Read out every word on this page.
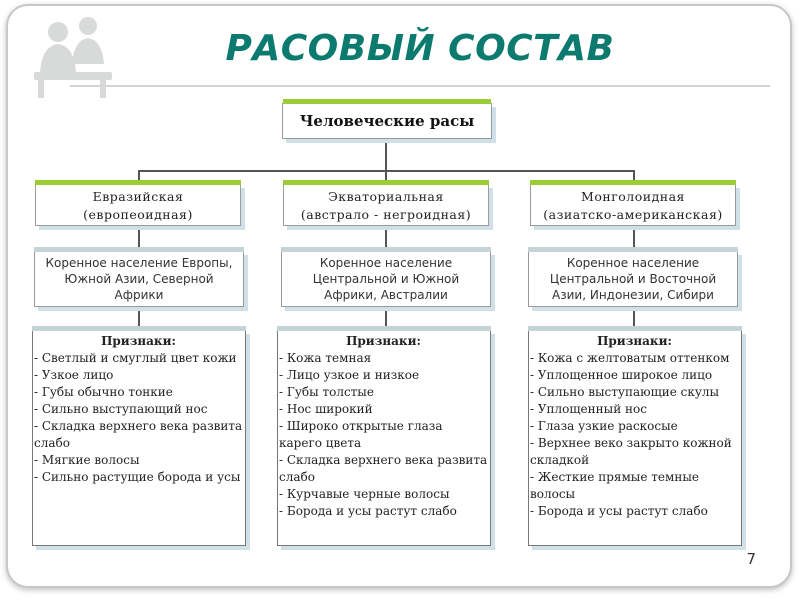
РАСОВЫЙ СОСТАВ
Человеческие расы
Евразийская
(европеоидная)
Экваториальная
(австрало - негроидная)
Монголоидная
(азиатско-американская)
Коренное население Европы, Южной Азии, Северной Африки
Коренное население Центральной и Южной Африки, Австралии
Коренное население Центральной и Восточной Азии, Индонезии, Сибири
Признаки:
- Светлый и смуглый цвет кожи
- Узкое лицо
- Губы обычно тонкие
- Сильно выступающий нос
- Складка верхнего века развита слабо
- Мягкие волосы
- Сильно растущие борода и усы
Признаки:
- Кожа темная
- Лицо узкое и низкое
- Губы толстые
- Нос широкий
- Широко открытые глаза карего цвета
- Складка верхнего века развита слабо
- Курчавые черные волосы
- Борода и усы растут слабо
Признаки:
- Кожа с желтоватым оттенком
- Уплощенное широкое лицо
- Сильно выступающие скулы
- Уплощенный нос
- Глаза узкие раскосые
- Верхнее веко закрыто кожной складкой
- Жесткие прямые темные волосы
- Борода и усы растут слабо
7
